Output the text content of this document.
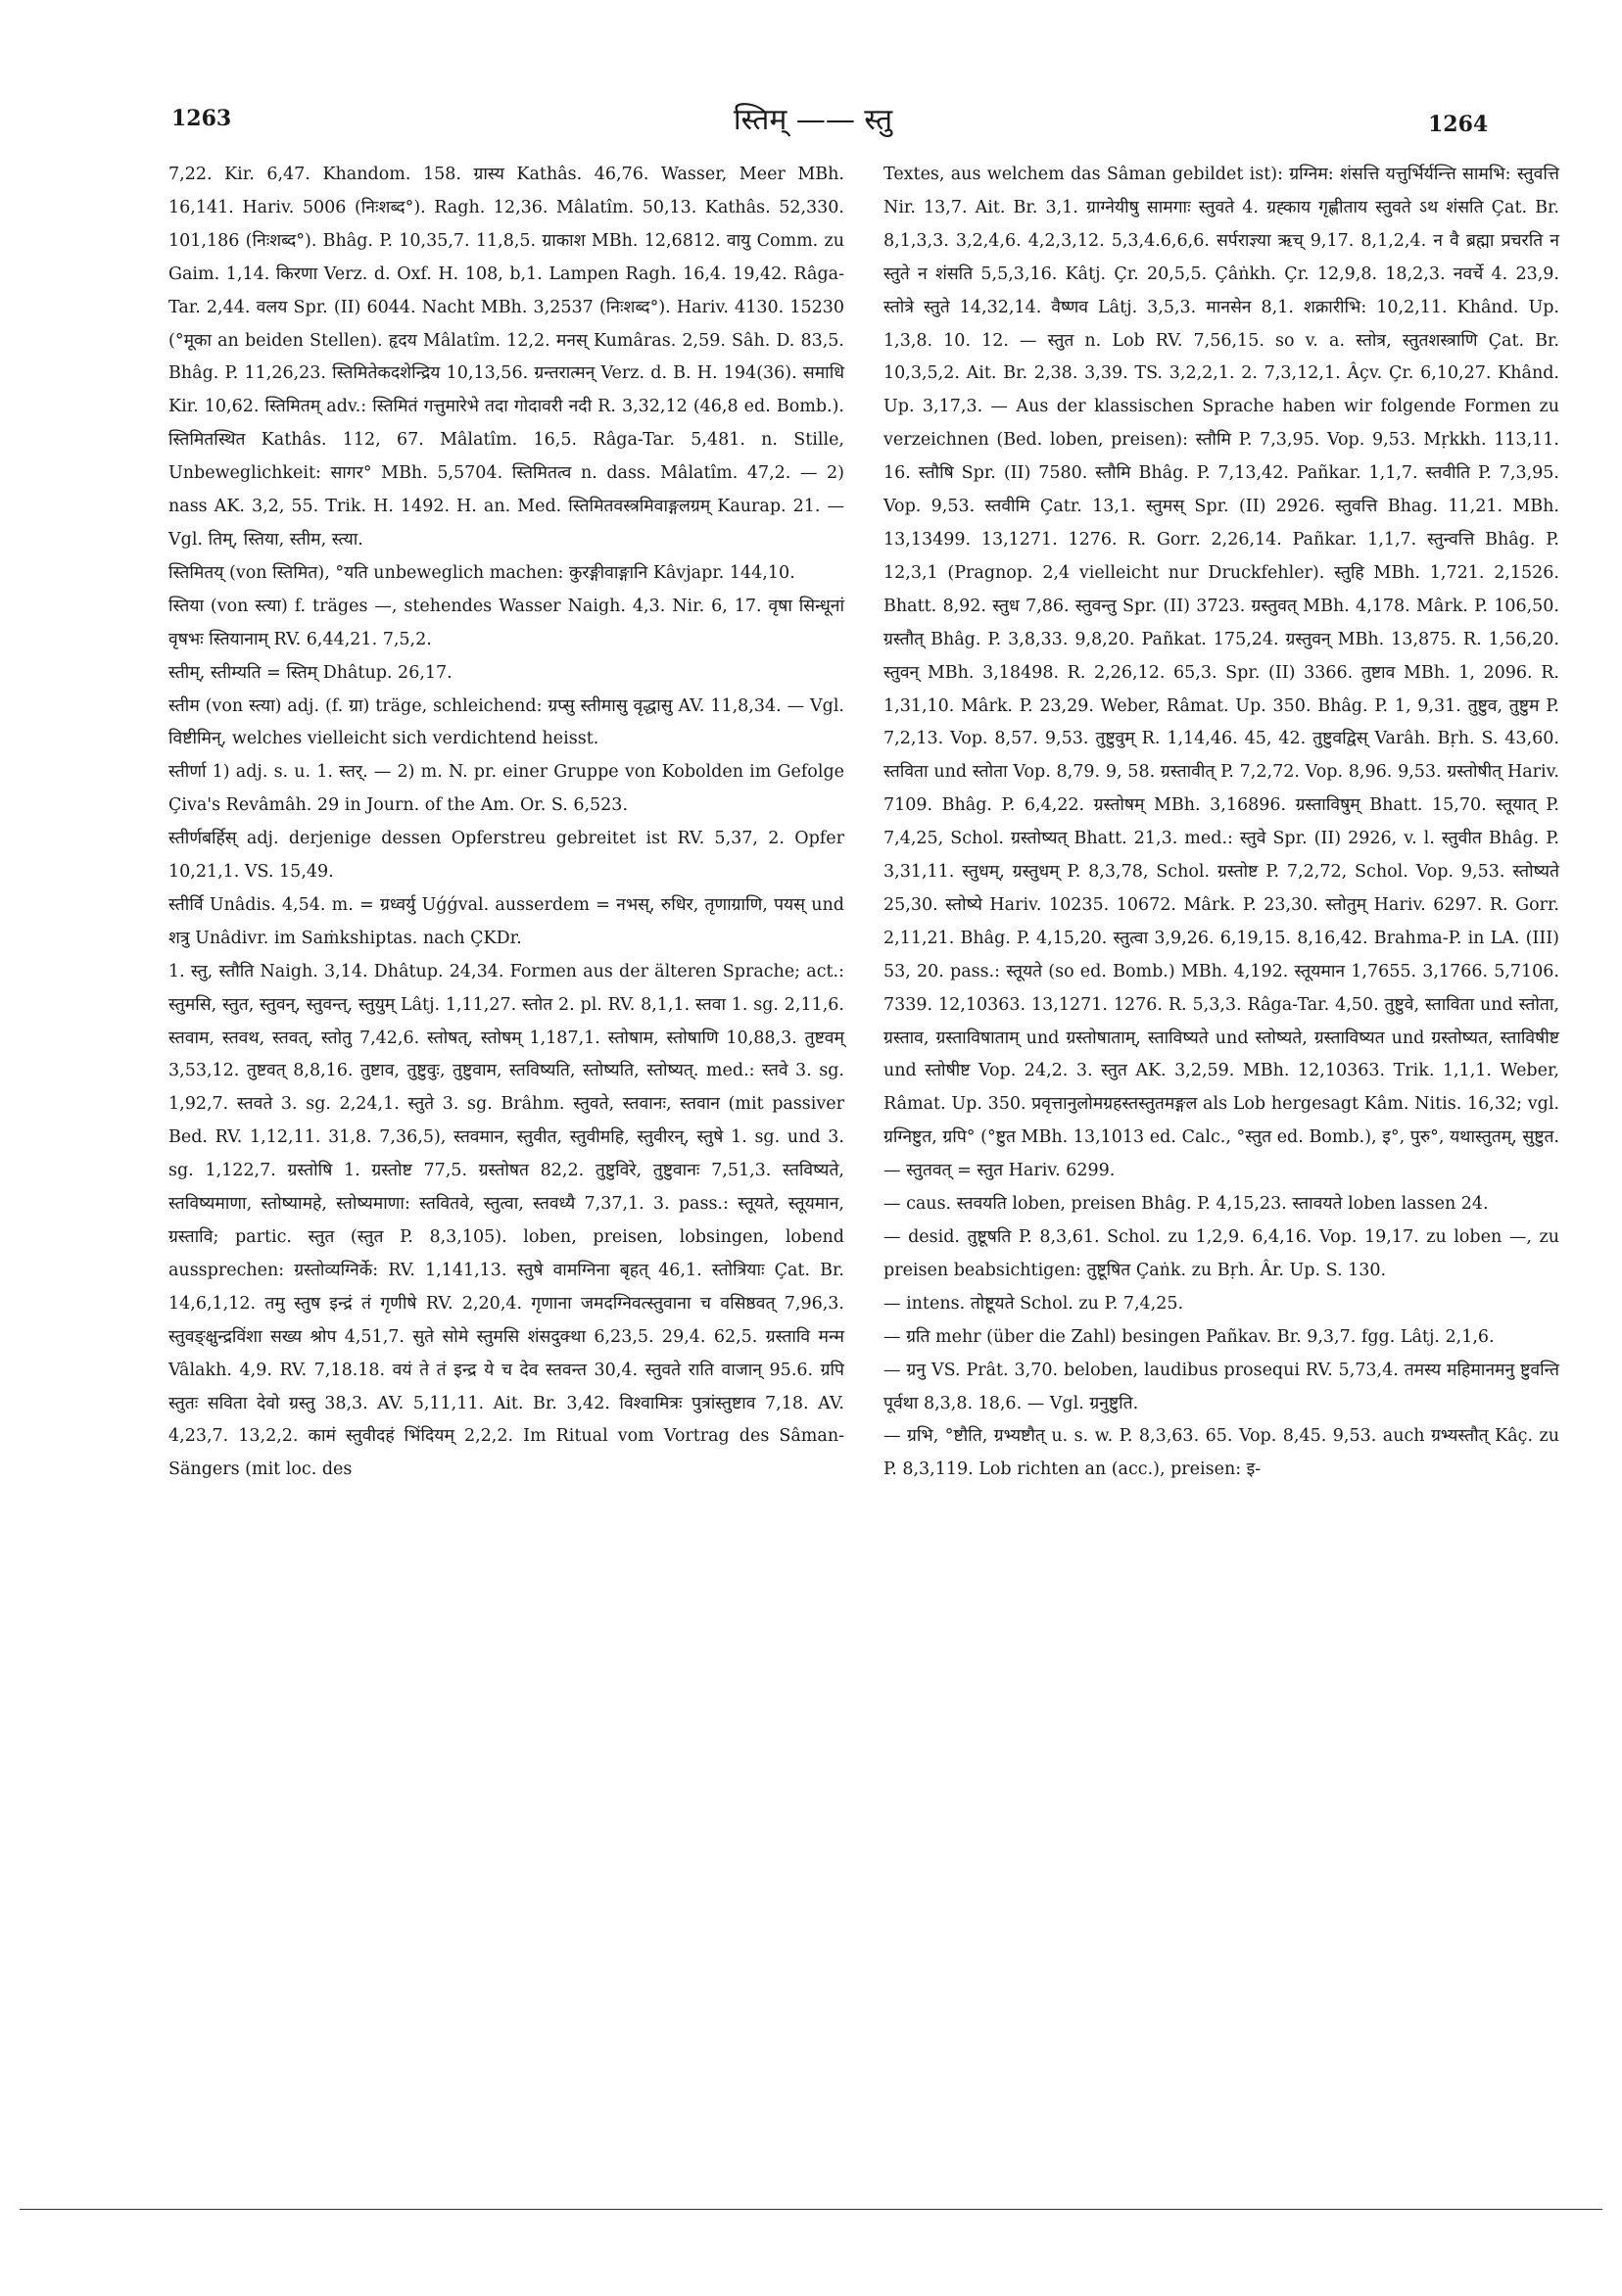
1263	स्तिम् —— स्तु	1264

7,22. Kir. 6,47. Khandom. 158. ग्रास्य Kathâs. 46,76. Wasser, Meer MBh. 16,141. Hariv. 5006 (निःशब्द°). Ragh. 12,36. Mâlatîm. 50,13. Kathâs. 52,330. 101,186 (निःशब्द°). Bhâg. P. 10,35,7. 11,8,5. ग्राकाश MBh. 12,6812. वायु Comm. zu Gaim. 1,14. किरणा Verz. d. Oxf. H. 108, b,1. Lampen Ragh. 16,4. 19,42. Râga-Tar. 2,44. वलय Spr. (II) 6044. Nacht MBh. 3,2537 (निःशब्द°). Hariv. 4130. 15230 (°मूका an beiden Stellen). हृदय Mâlatîm. 12,2. मनस् Kumâras. 2,59. Sâh. D. 83,5. Bhâg. P. 11,26,23. स्तिमितेकदशेन्द्रिय 10,13,56. ग्रन्तरात्मन् Verz. d. B. H. 194(36). समाधि Kir. 10,62. स्तिमितम् adv.: स्तिमितं गत्तुमारेभे तदा गोदावरी नदी R. 3,32,12 (46,8 ed. Bomb.). स्तिमितस्थित Kathâs. 112, 67. Mâlatîm. 16,5. Râga-Tar. 5,481. n. Stille, Unbeweglichkeit: सागर° MBh. 5,5704. स्तिमितत्व n. dass. Mâlatîm. 47,2. — 2) nass AK. 3,2, 55. Trik. H. 1492. H. an. Med. स्तिमितवस्त्रमिवाङ्गलग्रम् Kaurap. 21. — Vgl. तिम्, स्तिया, स्तीम, स्त्या.

स्तिमितय् (von स्तिमित), °यति unbeweglich machen: कुरङ्गीवाङ्गानि Kâvjapr. 144,10.

स्तिया (von स्त्या) f. träges —, stehendes Wasser Naigh. 4,3. Nir. 6, 17. वृषा सिन्धूनां वृषभः स्तियानाम् RV. 6,44,21. 7,5,2.

स्तीम्, स्तीम्यति = स्तिम् Dhâtup. 26,17.

स्तीम (von स्त्या) adj. (f. ग्रा) träge, schleichend: ग्रप्सु स्तीमासु वृद्धासु AV. 11,8,34. — Vgl. विष्टीमिन्, welches vielleicht sich verdichtend heisst.

स्तीर्णा 1) adj. s. u. 1. स्तर्. — 2) m. N. pr. einer Gruppe von Kobolden im Gefolge Çiva's Revâmâh. 29 in Journ. of the Am. Or. S. 6,523.

स्तीर्णबर्हिस् adj. derjenige dessen Opferstreu gebreitet ist RV. 5,37, 2. Opfer 10,21,1. VS. 15,49.

स्तीर्वि Unâdis. 4,54. m. = ग्रध्वर्यु Uǵǵval. ausserdem = नभस्, रुधिर, तृणाग्राणि, पयस् und शत्रु Unâdivr. im Saṁkshiptas. nach ÇKDr.

1. स्तु, स्तौति Naigh. 3,14. Dhâtup. 24,34. Formen aus der älteren Sprache; act.: स्तुमसि, स्तुत, स्तुवन्, स्तुवन्त्, स्तुयुम् Lâtj. 1,11,27. स्तोत 2. pl. RV. 8,1,1. स्तवा 1. sg. 2,11,6. स्तवाम, स्तवथ, स्तवत्, स्तोतु 7,42,6. स्तोषत्, स्तोषम् 1,187,1. स्तोषाम, स्तोषाणि 10,88,3. तुष्टवम् 3,53,12. तुष्टवत् 8,8,16. तुष्टाव, तुष्टुवुः, तुष्टुवाम, स्तविष्यति, स्तोष्यति, स्तोष्यत्. med.: स्तवे 3. sg. 1,92,7. स्तवते 3. sg. 2,24,1. स्तुते 3. sg. Brâhm. स्तुवते, स्तवानः, स्तवान (mit passiver Bed. RV. 1,12,11. 31,8. 7,36,5), स्तवमान, स्तुवीत, स्तुवीमहि, स्तुवीरन्, स्तुषे 1. sg. und 3. sg. 1,122,7. ग्रस्तोषि 1. ग्रस्तोष्ट 77,5. ग्रस्तोषत 82,2. तुष्टुविरे, तुष्टुवानः 7,51,3. स्तविष्यते, स्तविष्यमाणा, स्तोष्यामहे, स्तोष्यमाणा: स्तवितवे, स्तुत्वा, स्तवध्यै 7,37,1. 3. pass.: स्तूयते, स्तूयमान, ग्रस्तावि; partic. स्तुत (स्तुत P. 8,3,105). loben, preisen, lobsingen, lobend aussprechen: ग्रस्तोव्यग्निर्के: RV. 1,141,13. स्तुषे वामग्निना बृहत् 46,1. स्तोत्रियाः Çat. Br. 14,6,1,12. तमु स्तुष इन्द्रं तं गृणीषे RV. 2,20,4. गृणाना जमदग्निवत्स्तुवाना च वसिष्ठवत् 7,96,3. स्तुवङ्क्षुन्द्रविंशा सख्य श्रोप 4,51,7. सुते सोमे स्तुमसि शंसदुक्था 6,23,5. 29,4. 62,5. ग्रस्तावि मन्म Vâlakh. 4,9. RV. 7,18.18. वयं ते तं इन्द्र ये च देव स्तवन्त 30,4. स्तुवते राति वाजान् 95.6. ग्रपि स्तुतः सविता देवो ग्रस्तु 38,3. AV. 5,11,11. Ait. Br. 3,42. विश्वामित्रः पुत्रांस्तुष्टाव 7,18. AV. 4,23,7. 13,2,2. कामं स्तुवीदहं भिंदियम् 2,2,2. Im Ritual vom Vortrag des Sâman-Sängers (mit loc. des

Textes, aus welchem das Sâman gebildet ist): ग्रग्निम: शंसत्ति यत्तुर्भिर्यन्त्ति सामभि: स्तुवत्ति Nir. 13,7. Ait. Br. 3,1. ग्राग्नेयीषु सामगाः स्तुवते 4. ग्रह्काय गृह्णीताय स्तुवते ऽथ शंसति Çat. Br. 8,1,3,3. 3,2,4,6. 4,2,3,12. 5,3,4.6,6,6. सर्पराज्ञ्या ऋच् 9,17. 8,1,2,4. न वै ब्रह्मा प्रचरति न स्तुते न शंसति 5,5,3,16. Kâtj. Çr. 20,5,5. Çâṅkh. Çr. 12,9,8. 18,2,3. नवर्चे 4. 23,9. स्तोत्रे स्तुते 14,32,14. वैष्णव Lâtj. 3,5,3. मानसेन 8,1. शक्रारीभि: 10,2,11. Khând. Up. 1,3,8. 10. 12. — स्तुत n. Lob RV. 7,56,15. so v. a. स्तोत्र, स्तुतशस्त्राणि Çat. Br. 10,3,5,2. Ait. Br. 2,38. 3,39. TS. 3,2,2,1. 2. 7,3,12,1. Âçv. Çr. 6,10,27. Khând. Up. 3,17,3. — Aus der klassischen Sprache haben wir folgende Formen zu verzeichnen (Bed. loben, preisen): स्तौमि P. 7,3,95. Vop. 9,53. Mṛkkh. 113,11. 16. स्तौषि Spr. (II) 7580. स्तौमि Bhâg. P. 7,13,42. Pañkar. 1,1,7. स्तवीति P. 7,3,95. Vop. 9,53. स्तवीमि Çatr. 13,1. स्तुमस् Spr. (II) 2926. स्तुवत्ति Bhag. 11,21. MBh. 13,13499. 13,1271. 1276. R. Gorr. 2,26,14. Pañkar. 1,1,7. स्तुन्वत्ति Bhâg. P. 12,3,1 (Pragnop. 2,4 vielleicht nur Druckfehler). स्तुहि MBh. 1,721. 2,1526. Bhatt. 8,92. स्तुध 7,86. स्तुवन्तु Spr. (II) 3723. ग्रस्तुवत् MBh. 4,178. Mârk. P. 106,50. ग्रस्तौत् Bhâg. P. 3,8,33. 9,8,20. Pañkat. 175,24. ग्रस्तुवन् MBh. 13,875. R. 1,56,20. स्तुवन् MBh. 3,18498. R. 2,26,12. 65,3. Spr. (II) 3366. तुष्टाव MBh. 1, 2096. R. 1,31,10. Mârk. P. 23,29. Weber, Râmat. Up. 350. Bhâg. P. 1, 9,31. तुष्टुव, तुष्टुम P. 7,2,13. Vop. 8,57. 9,53. तुष्टुवुम् R. 1,14,46. 45, 42. तुष्टुवद्विस् Varâh. Bṛh. S. 43,60. स्तविता und स्तोता Vop. 8,79. 9, 58. ग्रस्तावीत् P. 7,2,72. Vop. 8,96. 9,53. ग्रस्तोषीत् Hariv. 7109. Bhâg. P. 6,4,22. ग्रस्तोषम् MBh. 3,16896. ग्रस्ताविषुम् Bhatt. 15,70. स्तूयात् P. 7,4,25, Schol. ग्रस्तोष्यत् Bhatt. 21,3. med.: स्तुवे Spr. (II) 2926, v. l. स्तुवीत Bhâg. P. 3,31,11. स्तुधम्, ग्रस्तुधम् P. 8,3,78, Schol. ग्रस्तोष्ट P. 7,2,72, Schol. Vop. 9,53. स्तोष्यते 25,30. स्तोष्ये Hariv. 10235. 10672. Mârk. P. 23,30. स्तोतुम् Hariv. 6297. R. Gorr. 2,11,21. Bhâg. P. 4,15,20. स्तुत्वा 3,9,26. 6,19,15. 8,16,42. Brahma-P. in LA. (III) 53, 20. pass.: स्तूयते (so ed. Bomb.) MBh. 4,192. स्तूयमान 1,7655. 3,1766. 5,7106. 7339. 12,10363. 13,1271. 1276. R. 5,3,3. Râga-Tar. 4,50. तुष्टुवे, स्ताविता und स्तोता, ग्रस्ताव, ग्रस्ताविषाताम् und ग्रस्तोषाताम्, स्ताविष्यते und स्तोष्यते, ग्रस्ताविष्यत und ग्रस्तोष्यत, स्ताविषीष्ट und स्तोषीष्ट Vop. 24,2. 3. स्तुत AK. 3,2,59. MBh. 12,10363. Trik. 1,1,1. Weber, Râmat. Up. 350. प्रवृत्तानुलोमग्रहस्तस्तुतमङ्गल als Lob hergesagt Kâm. Nitis. 16,32; vgl. ग्रग्निष्टुत, ग्रपि° (°ष्टुत MBh. 13,1013 ed. Calc., °स्तुत ed. Bomb.), इ°, पुरु°, यथास्तुतम्, सुष्टुत. — स्तुतवत् = स्तुत Hariv. 6299.

— caus. स्तवयति loben, preisen Bhâg. P. 4,15,23. स्तावयते loben lassen 24.

— desid. तुष्टूषति P. 8,3,61. Schol. zu 1,2,9. 6,4,16. Vop. 19,17. zu loben —, zu preisen beabsichtigen: तुष्टूषित Çaṅk. zu Bṛh. Âr. Up. S. 130.

— intens. तोष्टूयते Schol. zu P. 7,4,25.

— ग्रति mehr (über die Zahl) besingen Pañkav. Br. 9,3,7. fgg. Lâtj. 2,1,6.

— ग्रनु VS. Prât. 3,70. beloben, laudibus prosequi RV. 5,73,4. तमस्य महिमानमनु ष्टुवन्ति पूर्वथा 8,3,8. 18,6. — Vgl. ग्रनुष्टुति.

— ग्रभि, °ष्टौति, ग्रभ्यष्टौत् u. s. w. P. 8,3,63. 65. Vop. 8,45. 9,53. auch ग्रभ्यस्तौत् Kâç. zu P. 8,3,119. Lob richten an (acc.), preisen: इ-
